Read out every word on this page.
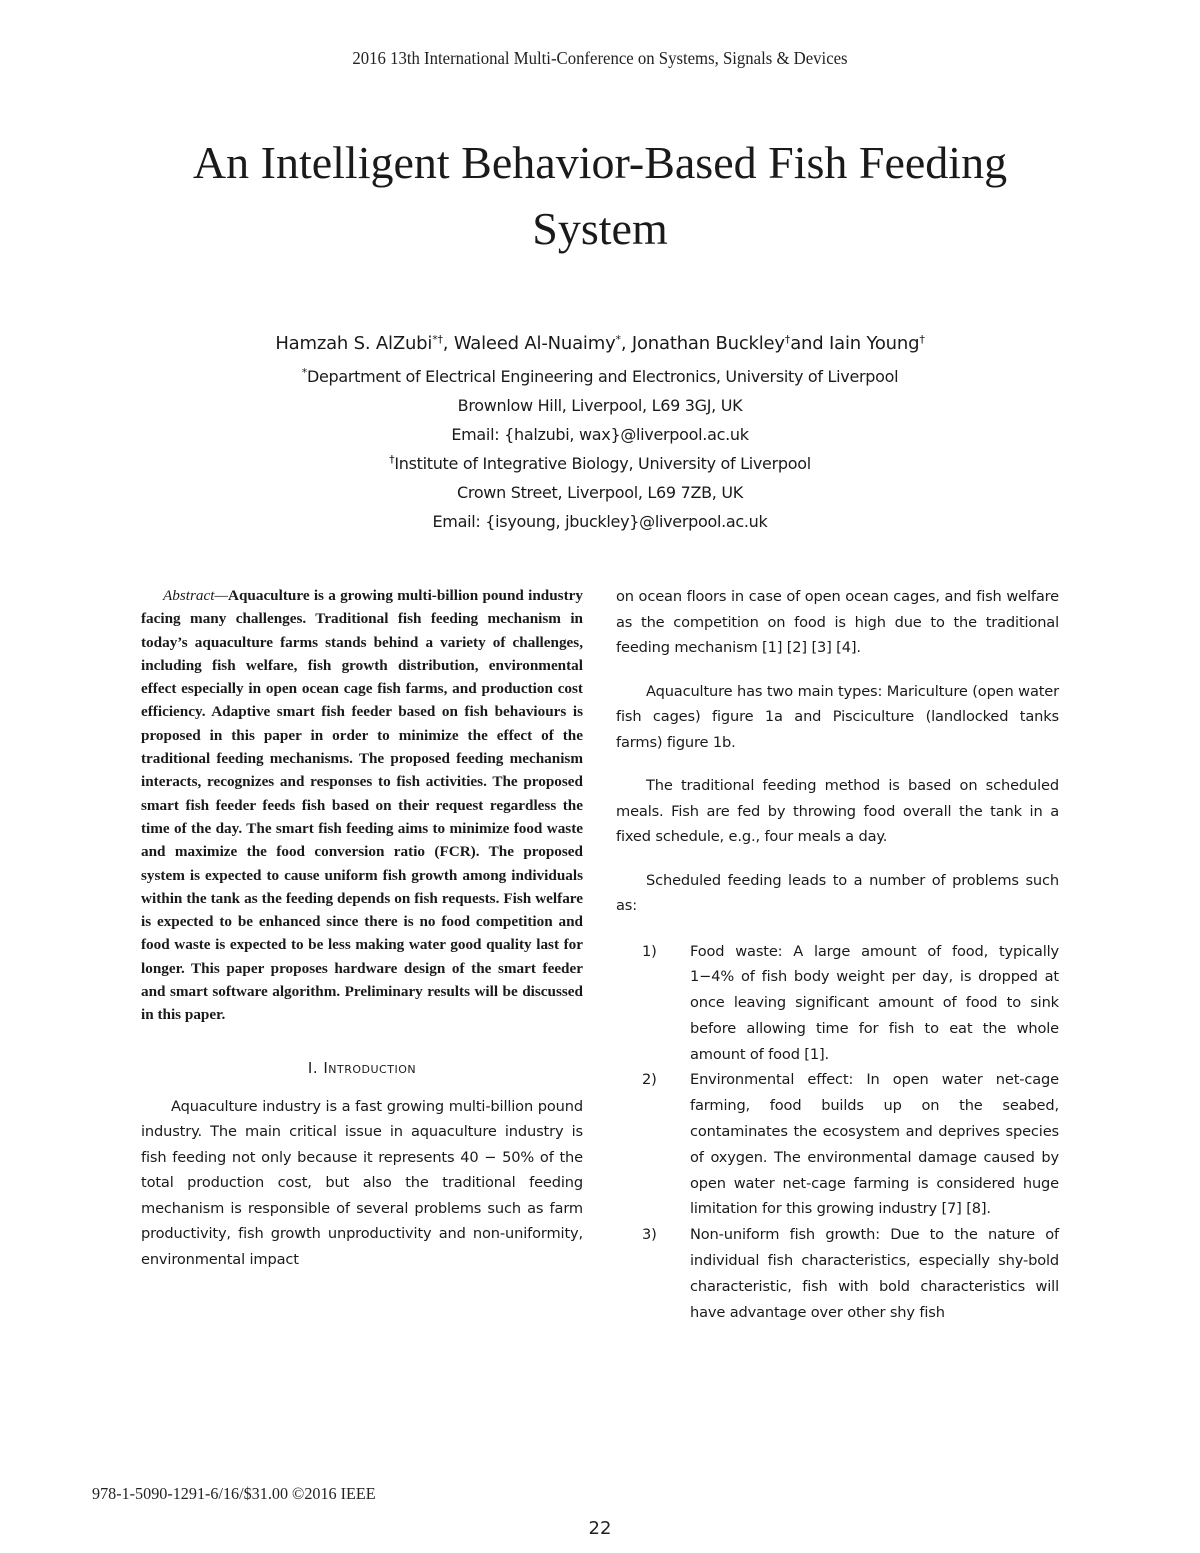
2016 13th International Multi-Conference on Systems, Signals & Devices
An Intelligent Behavior-Based Fish Feeding System
Hamzah S. AlZubi*†, Waleed Al-Nuaimy*, Jonathan Buckley†and Iain Young†
*Department of Electrical Engineering and Electronics, University of Liverpool
Brownlow Hill, Liverpool, L69 3GJ, UK
Email: {halzubi, wax}@liverpool.ac.uk
†Institute of Integrative Biology, University of Liverpool
Crown Street, Liverpool, L69 7ZB, UK
Email: {isyoung, jbuckley}@liverpool.ac.uk

Abstract—Aquaculture is a growing multi-billion pound industry facing many challenges. Traditional fish feeding mechanism in today’s aquaculture farms stands behind a variety of challenges, including fish welfare, fish growth distribution, environmental effect especially in open ocean cage fish farms, and production cost efficiency. Adaptive smart fish feeder based on fish behaviours is proposed in this paper in order to minimize the effect of the traditional feeding mechanisms. The proposed feeding mechanism interacts, recognizes and responses to fish activities. The proposed smart fish feeder feeds fish based on their request regardless the time of the day. The smart fish feeding aims to minimize food waste and maximize the food conversion ratio (FCR). The proposed system is expected to cause uniform fish growth among individuals within the tank as the feeding depends on fish requests. Fish welfare is expected to be enhanced since there is no food competition and food waste is expected to be less making water good quality last for longer. This paper proposes hardware design of the smart feeder and smart software algorithm. Preliminary results will be discussed in this paper.

I. Introduction

Aquaculture industry is a fast growing multi-billion pound industry. The main critical issue in aquaculture industry is fish feeding not only because it represents 40 − 50% of the total production cost, but also the traditional feeding mechanism is responsible of several problems such as farm productivity, fish growth unproductivity and non-uniformity, environmental impact

on ocean floors in case of open ocean cages, and fish welfare as the competition on food is high due to the traditional feeding mechanism [1] [2] [3] [4].

Aquaculture has two main types: Mariculture (open water fish cages) figure 1a and Pisciculture (landlocked tanks farms) figure 1b.

The traditional feeding method is based on scheduled meals. Fish are fed by throwing food overall the tank in a fixed schedule, e.g., four meals a day.

Scheduled feeding leads to a number of problems such as:

1) Food waste: A large amount of food, typically 1−4% of fish body weight per day, is dropped at once leaving significant amount of food to sink before allowing time for fish to eat the whole amount of food [1].
2) Environmental effect: In open water net-cage farming, food builds up on the seabed, contaminates the ecosystem and deprives species of oxygen. The environmental damage caused by open water net-cage farming is considered huge limitation for this growing industry [7] [8].
3) Non-uniform fish growth: Due to the nature of individual fish characteristics, especially shy-bold characteristic, fish with bold characteristics will have advantage over other shy fish
978-1-5090-1291-6/16/$31.00 ©2016 IEEE
22
